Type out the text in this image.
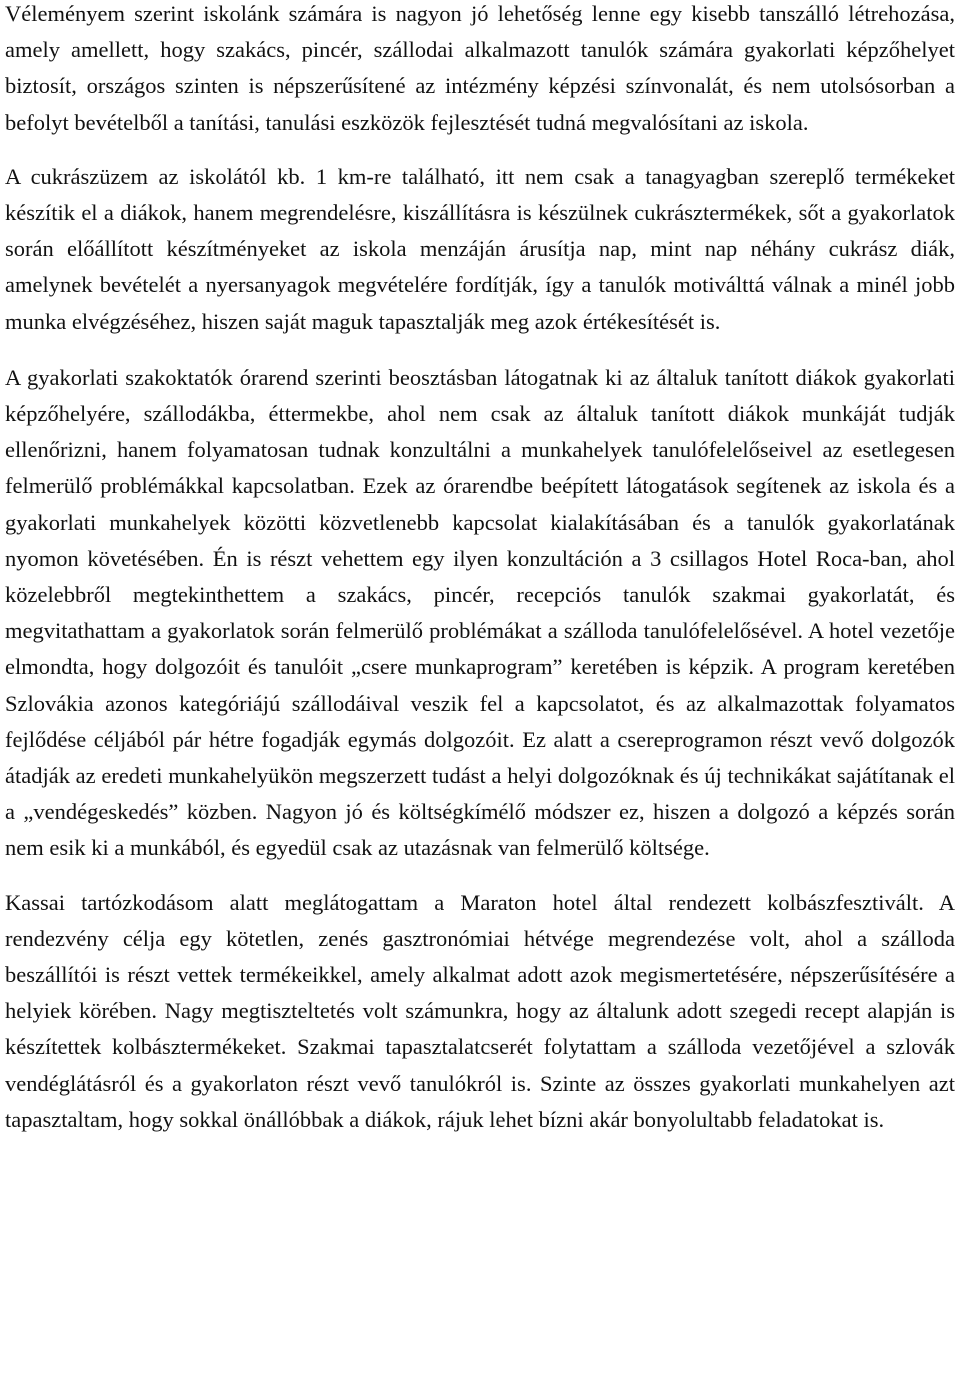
Véleményem szerint iskolánk számára is nagyon jó lehetőség lenne egy kisebb tanszálló létrehozása, amely amellett, hogy szakács, pincér, szállodai alkalmazott tanulók számára gyakorlati képzőhelyet biztosít, országos szinten is népszerűsítené az intézmény képzési színvonalát, és nem utolsósorban a befolyt bevételből a tanítási, tanulási eszközök fejlesztését tudná megvalósítani az iskola.

A cukrászüzem az iskolától kb. 1 km-re található, itt nem csak a tanagyagban szereplő termékeket készítik el a diákok, hanem megrendelésre, kiszállításra is készülnek cukrásztermékek, sőt a gyakorlatok során előállított készítményeket az iskola menzáján árusítja nap, mint nap néhány cukrász diák, amelynek bevételét a nyersanyagok megvételére fordítják, így a tanulók motiválttá válnak a minél jobb munka elvégzéséhez, hiszen saját maguk tapasztalják meg azok értékesítését is.

A gyakorlati szakoktatók órarend szerinti beosztásban látogatnak ki az általuk tanított diákok gyakorlati képzőhelyére, szállodákba, éttermekbe, ahol nem csak az általuk tanított diákok munkáját tudják ellenőrizni, hanem folyamatosan tudnak konzultálni a munkahelyek tanulófelelőseivel az esetlegesen felmerülő problémákkal kapcsolatban. Ezek az órarendbe beépített látogatások segítenek az iskola és a gyakorlati munkahelyek közötti közvetlenebb kapcsolat kialakításában és a tanulók gyakorlatának nyomon követésében. Én is részt vehettem egy ilyen konzultáción a 3 csillagos Hotel Roca-ban, ahol közelebbről megtekinthettem a szakács, pincér, recepciós tanulók szakmai gyakorlatát, és megvitathattam a gyakorlatok során felmerülő problémákat a szálloda tanulófelelősével. A hotel vezetője elmondta, hogy dolgozóit és tanulóit „csere munkaprogram” keretében is képzik. A program keretében Szlovákia azonos kategóriájú szállodáival veszik fel a kapcsolatot, és az alkalmazottak folyamatos fejlődése céljából pár hétre fogadják egymás dolgozóit. Ez alatt a csereprogramon részt vevő dolgozók átadják az eredeti munkahelyükön megszerzett tudást a helyi dolgozóknak és új technikákat sajátítanak el a „vendégeskedés” közben. Nagyon jó és költségkímélő módszer ez, hiszen a dolgozó a képzés során nem esik ki a munkából, és egyedül csak az utazásnak van felmerülő költsége.

Kassai tartózkodásom alatt meglátogattam a Maraton hotel által rendezett kolbászfesztivált. A rendezvény célja egy kötetlen, zenés gasztronómiai hétvége megrendezése volt, ahol a szálloda beszállítói is részt vettek termékeikkel, amely alkalmat adott azok megismertetésére, népszerűsítésére a helyiek körében. Nagy megtiszteltetés volt számunkra, hogy az általunk adott szegedi recept alapján is készítettek kolbásztermékeket. Szakmai tapasztalatcserét folytattam a szálloda vezetőjével a szlovák vendéglátásról és a gyakorlaton részt vevő tanulókról is. Szinte az összes gyakorlati munkahelyen azt tapasztaltam, hogy sokkal önállóbbak a diákok, rájuk lehet bízni akár bonyolultabb feladatokat is.
